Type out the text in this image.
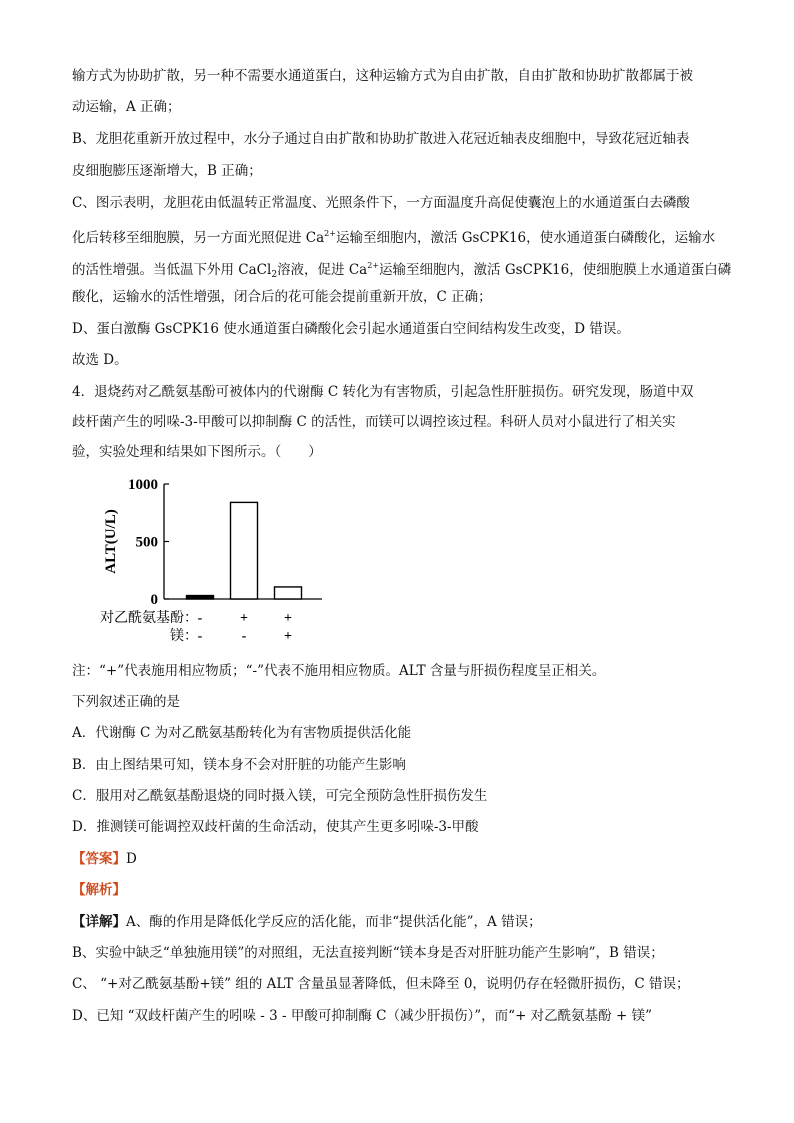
输方式为协助扩散，另一种不需要水通道蛋白，这种运输方式为自由扩散，自由扩散和协助扩散都属于被
动运输，A 正确；
B、龙胆花重新开放过程中，水分子通过自由扩散和协助扩散进入花冠近轴表皮细胞中，导致花冠近轴表
皮细胞膨压逐渐增大，B 正确；
C、图示表明，龙胆花由低温转正常温度、光照条件下，一方面温度升高促使囊泡上的水通道蛋白去磷酸
化后转移至细胞膜，另一方面光照促进 $Ca^{2+}$运输至细胞内，激活 GsCPK16，使水通道蛋白磷酸化，运输水
的活性增强。当低温下外用 CaCl$_2$溶液，促进 $Ca^{2+}$运输至细胞内，激活 GsCPK16，使细胞膜上水通道蛋白磷
酸化，运输水的活性增强，闭合后的花可能会提前重新开放，C 正确；
D、蛋白激酶 GsCPK16 使水通道蛋白磷酸化会引起水通道蛋白空间结构发生改变，D 错误。
故选 D。
4．退烧药对乙酰氨基酚可被体内的代谢酶 C 转化为有害物质，引起急性肝脏损伤。研究发现，肠道中双
歧杆菌产生的吲哚-3-甲酸可以抑制酶 C 的活性，而镁可以调控该过程。科研人员对小鼠进行了相关实
验，实验处理和结果如下图所示。（　　）
0
500
1000
ALT(U/L)
对乙酰氨基酚：
镁：
-
-
+
-
+
+
注：“+”代表施用相应物质；“-”代表不施用相应物质。ALT 含量与肝损伤程度呈正相关。
下列叙述正确的是
A．代谢酶 C 为对乙酰氨基酚转化为有害物质提供活化能
B．由上图结果可知，镁本身不会对肝脏的功能产生影响
C．服用对乙酰氨基酚退烧的同时摄入镁，可完全预防急性肝损伤发生
D．推测镁可能调控双歧杆菌的生命活动，使其产生更多吲哚-3-甲酸
【答案】D
【解析】
【详解】A、酶的作用是降低化学反应的活化能，而非“提供活化能”，A 错误；
B、实验中缺乏“单独施用镁”的对照组，无法直接判断“镁本身是否对肝脏功能产生影响”，B 错误；
C、 “+对乙酰氨基酚+镁” 组的 ALT 含量虽显著降低，但未降至 0，说明仍存在轻微肝损伤，C 错误；
D、已知 “双歧杆菌产生的吲哚 - 3 - 甲酸可抑制酶 C（减少肝损伤）”，而“+ 对乙酰氨基酚 + 镁”
